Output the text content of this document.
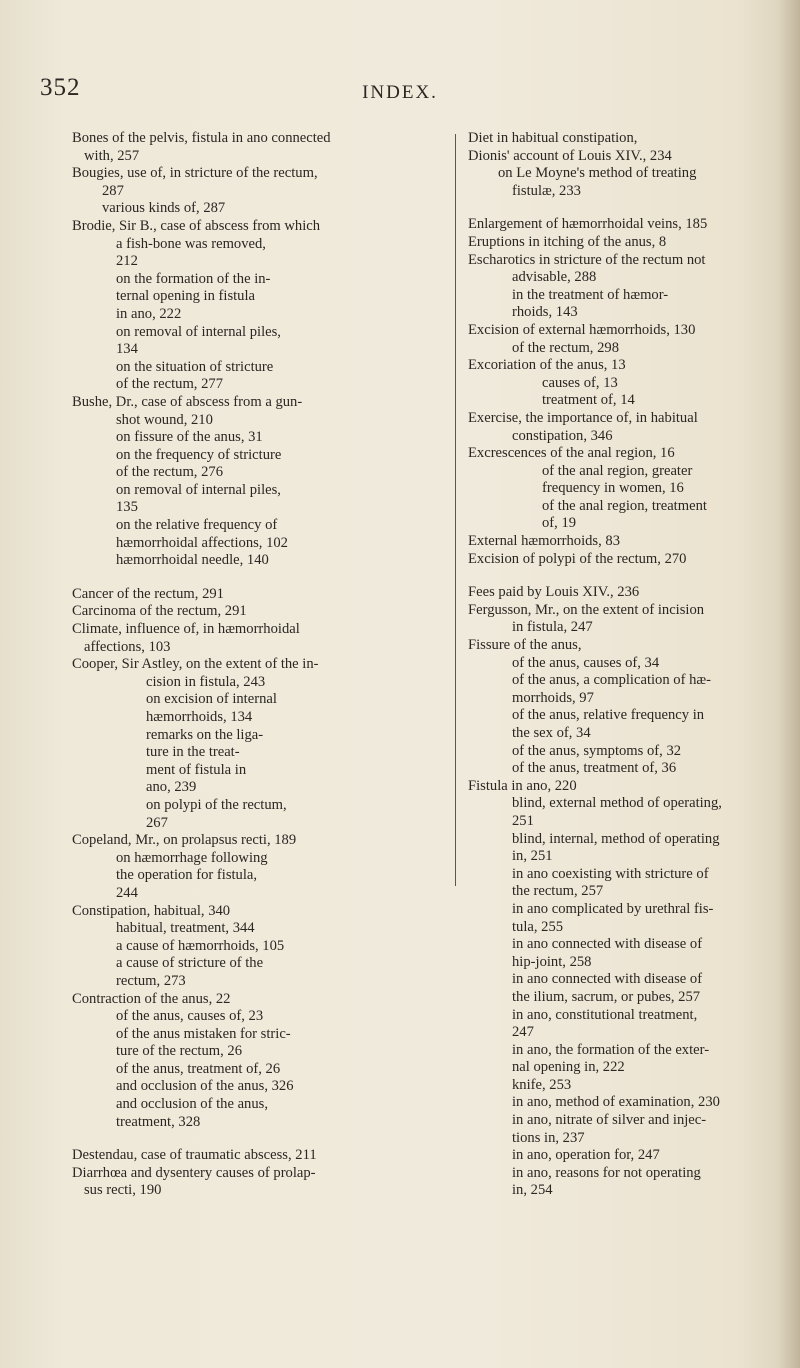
352	INDEX.
Bones of the pelvis, fistula in ano connected
with, 257
Bougies, use of, in stricture of the rectum,
287
various kinds of, 287
Brodie, Sir B., case of abscess from which
a fish-bone was removed,
212
on the formation of the in-
ternal opening in fistula
in ano, 222
on removal of internal piles,
134
on the situation of stricture
of the rectum, 277
Bushe, Dr., case of abscess from a gun-
shot wound, 210
on fissure of the anus, 31
on the frequency of stricture
of the rectum, 276
on removal of internal piles,
135
on the relative frequency of
hæmorrhoidal affections, 102
hæmorrhoidal needle, 140
Cancer of the rectum, 291
Carcinoma of the rectum, 291
Climate, influence of, in hæmorrhoidal
affections, 103
Cooper, Sir Astley, on the extent of the in-
cision in fistula, 243
on excision of internal
hæmorrhoids, 134
remarks on the liga-
ture in the treat-
ment of fistula in
ano, 239
on polypi of the rectum,
267
Copeland, Mr., on prolapsus recti, 189
on hæmorrhage following
the operation for fistula,
244
Constipation, habitual, 340
habitual, treatment, 344
a cause of hæmorrhoids, 105
a cause of stricture of the
rectum, 273
Contraction of the anus, 22
of the anus, causes of, 23
of the anus mistaken for stric-
ture of the rectum, 26
of the anus, treatment of, 26
and occlusion of the anus, 326
and occlusion of the anus,
treatment, 328
Destendau, case of traumatic abscess, 211
Diarrhœa and dysentery causes of prolap-
sus recti, 190
Diet in habitual constipation,
Dionis' account of Louis XIV., 234
on Le Moyne's method of treating
fistulæ, 233
Enlargement of hæmorrhoidal veins, 185
Eruptions in itching of the anus, 8
Escharotics in stricture of the rectum not
advisable, 288
in the treatment of hæmor-
rhoids, 143
Excision of external hæmorrhoids, 130
of the rectum, 298
Excoriation of the anus, 13
causes of, 13
treatment of, 14
Exercise, the importance of, in habitual
constipation, 346
Excrescences of the anal region, 16
of the anal region, greater
frequency in women, 16
of the anal region, treatment
of, 19
External hæmorrhoids, 83
Excision of polypi of the rectum, 270
Fees paid by Louis XIV., 236
Fergusson, Mr., on the extent of incision
in fistula, 247
Fissure of the anus,
of the anus, causes of, 34
of the anus, a complication of hæ-
morrhoids, 97
of the anus, relative frequency in
the sex of, 34
of the anus, symptoms of, 32
of the anus, treatment of, 36
Fistula in ano, 220
blind, external method of operating,
251
blind, internal, method of operating
in, 251
in ano coexisting with stricture of
the rectum, 257
in ano complicated by urethral fis-
tula, 255
in ano connected with disease of
hip-joint, 258
in ano connected with disease of
the ilium, sacrum, or pubes, 257
in ano, constitutional treatment,
247
in ano, the formation of the exter-
nal opening in, 222
knife, 253
in ano, method of examination, 230
in ano, nitrate of silver and injec-
tions in, 237
in ano, operation for, 247
in ano, reasons for not operating
in, 254
